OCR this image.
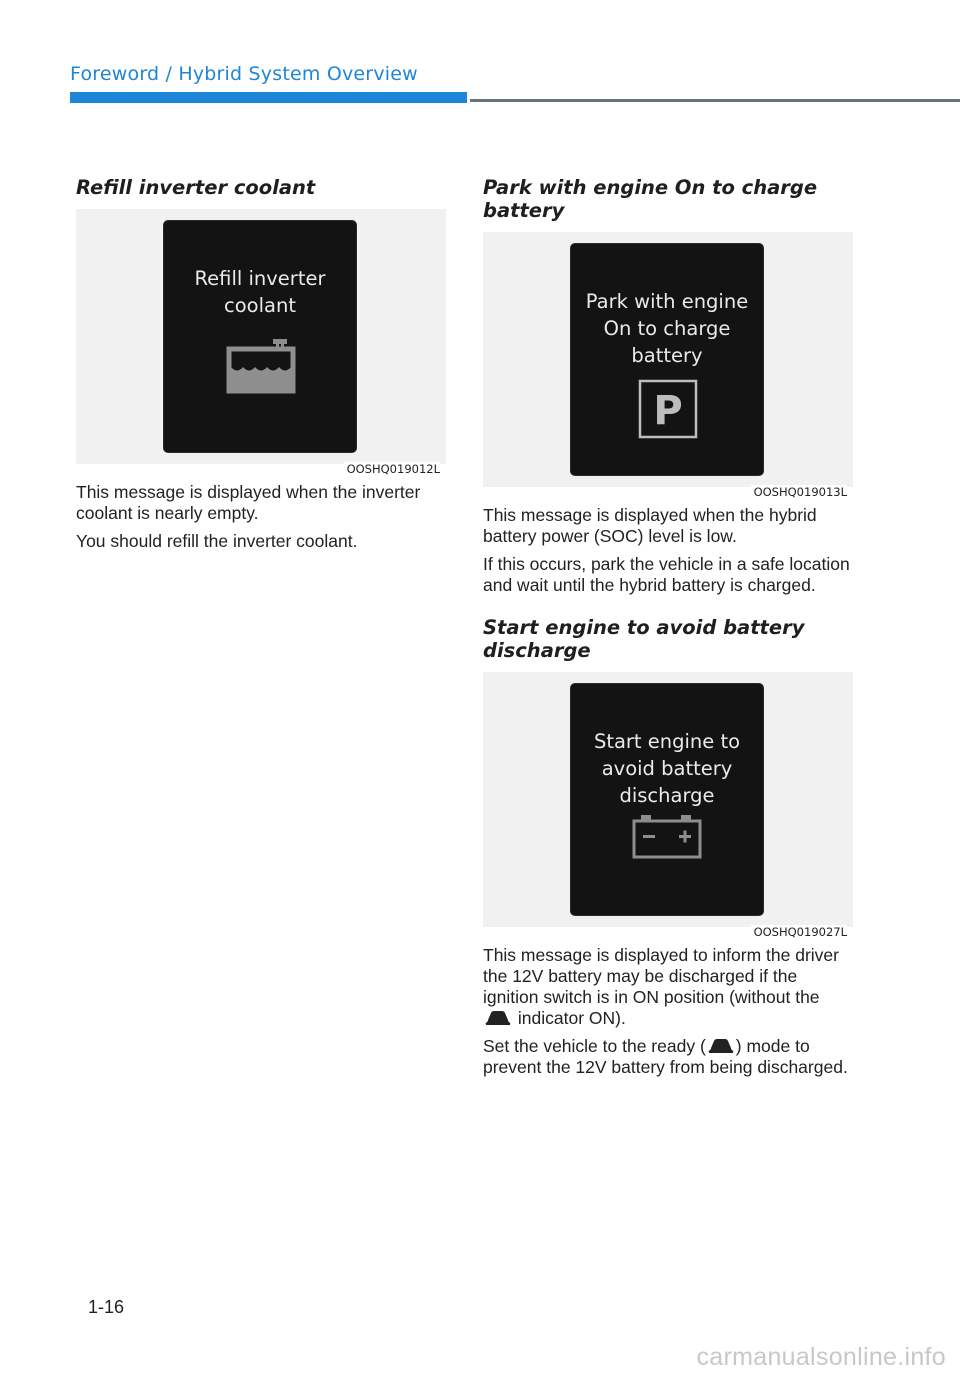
Foreword / Hybrid System Overview
Refill inverter coolant
Refill inverter
coolant
OOSHQ019012L

This message is displayed when the inverter coolant is nearly empty.

You should refill the inverter coolant.

Park with engine On to charge battery
Park with engine
On to charge
battery
P
OOSHQ019013L

This message is displayed when the hybrid battery power (SOC) level is low.

If this occurs, park the vehicle in a safe location and wait until the hybrid battery is charged.

Start engine to avoid battery discharge
Start engine to
avoid battery
discharge
OOSHQ019027L

This message is displayed to inform the driver the 12V battery may be discharged if the ignition switch is in ON position (without the  indicator ON).

Set the vehicle to the ready ( ) mode to prevent the 12V battery from being discharged.

1-16
carmanualsonline.info
